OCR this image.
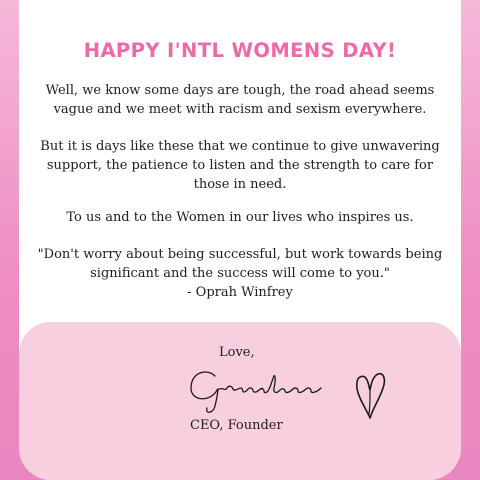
HAPPY I'NTL WOMENS DAY!

Well, we know some days are tough, the road ahead seems vague and we meet with racism and sexism everywhere.

But it is days like these that we continue to give unwavering support, the patience to listen and the strength to care for those in need.

To us and to the Women in our lives who inspires us.

"Don't worry about being successful, but work towards being significant and the success will come to you."

- Oprah Winfrey

Love,
CEO, Founder
